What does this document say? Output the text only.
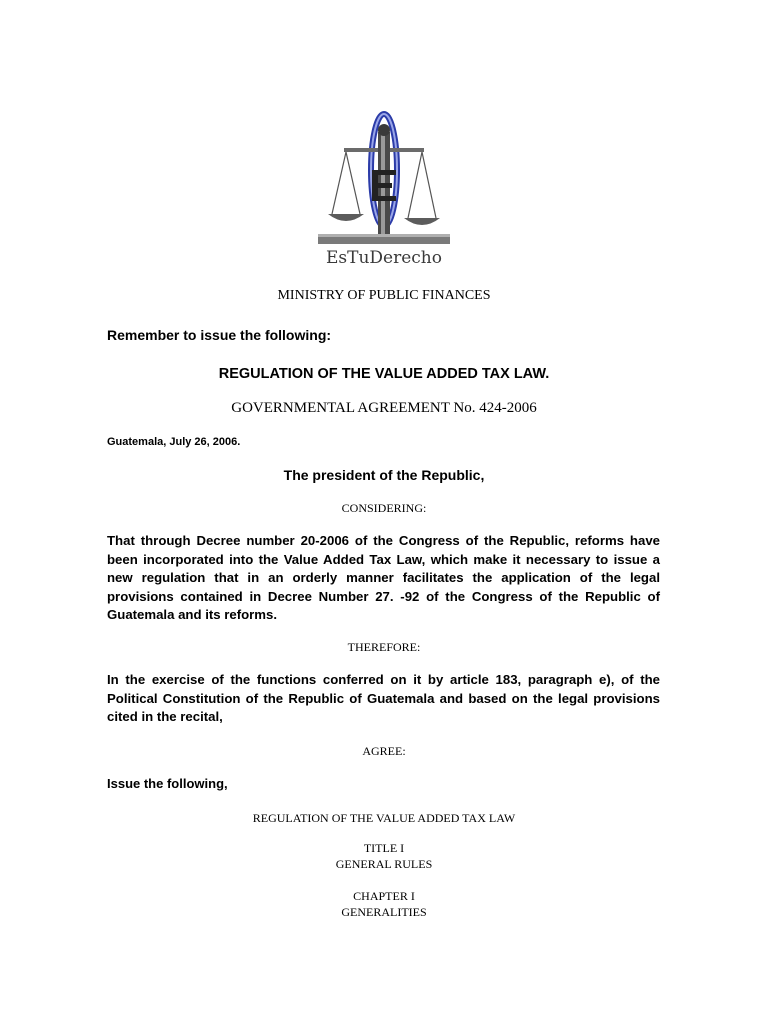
EsTuDerecho
MINISTRY OF PUBLIC FINANCES
Remember to issue the following:
REGULATION OF THE VALUE ADDED TAX LAW.
GOVERNMENTAL AGREEMENT No. 424-2006
Guatemala, July 26, 2006.
The president of the Republic,
CONSIDERING:
That through Decree number 20-2006 of the Congress of the Republic, reforms have been incorporated into the Value Added Tax Law, which make it necessary to issue a new regulation that in an orderly manner facilitates the application of the legal provisions contained in Decree Number 27. -92 of the Congress of the Republic of Guatemala and its reforms.
THEREFORE:
In the exercise of the functions conferred on it by article 183, paragraph e), of the Political Constitution of the Republic of Guatemala and based on the legal provisions cited in the recital,
AGREE:
Issue the following,
REGULATION OF THE VALUE ADDED TAX LAW
TITLE I
GENERAL RULES
CHAPTER I
GENERALITIES
